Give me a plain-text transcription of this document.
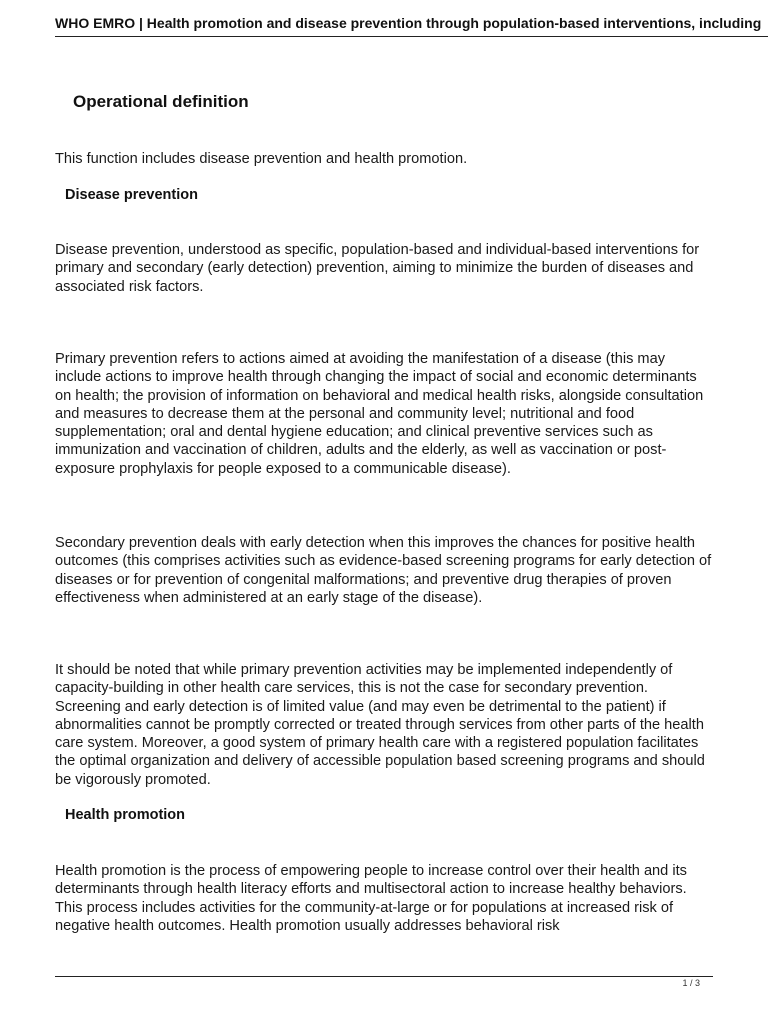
WHO EMRO | Health promotion and disease prevention through population-based interventions, including
Operational definition

This function includes disease prevention and health promotion.

Disease prevention

Disease prevention, understood as specific, population-based and individual-based interventions for primary and secondary (early detection) prevention, aiming to minimize the burden of diseases and associated risk factors.

Primary prevention refers to actions aimed at avoiding the manifestation of a disease (this may include actions to improve health through changing the impact of social and economic determinants on health; the provision of information on behavioral and medical health risks, alongside consultation and measures to decrease them at the personal and community level; nutritional and food supplementation; oral and dental hygiene education; and clinical preventive services such as immunization and vaccination of children, adults and the elderly, as well as vaccination or post-exposure prophylaxis for people exposed to a communicable disease).

Secondary prevention deals with early detection when this improves the chances for positive health outcomes (this comprises activities such as evidence-based screening programs for early detection of diseases or for prevention of congenital malformations; and preventive drug therapies of proven effectiveness when administered at an early stage of the disease).

It should be noted that while primary prevention activities may be implemented independently of capacity-building in other health care services, this is not the case for secondary prevention. Screening and early detection is of limited value (and may even be detrimental to the patient) if abnormalities cannot be promptly corrected or treated through services from other parts of the health care system. Moreover, a good system of primary health care with a registered population facilitates the optimal organization and delivery of accessible population based screening programs and should be vigorously promoted.

Health promotion

Health promotion is the process of empowering people to increase control over their health and its determinants through health literacy efforts and multisectoral action to increase healthy behaviors. This process includes activities for the community-at-large or for populations at increased risk of negative health outcomes. Health promotion usually addresses behavioral risk

1 / 3
